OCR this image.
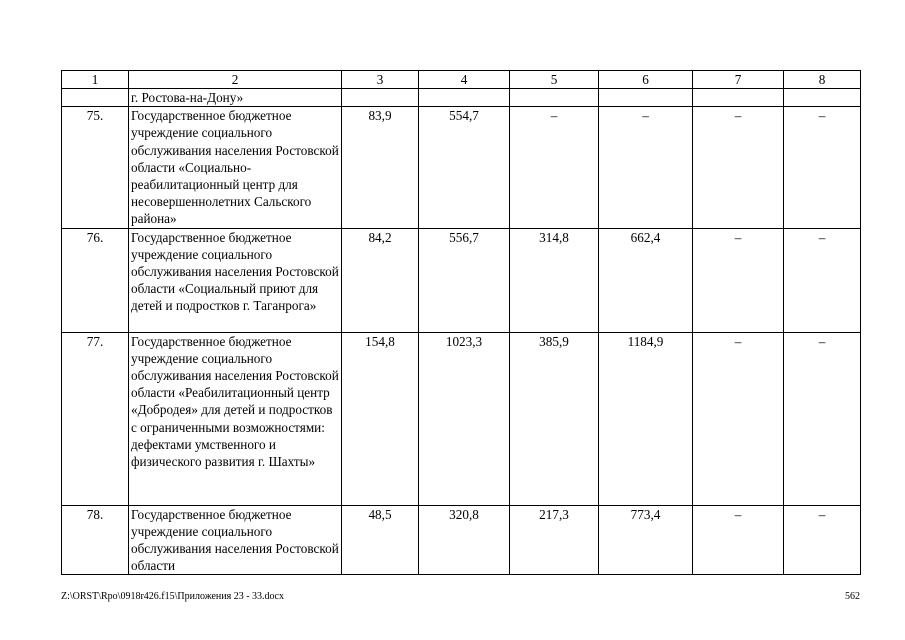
1	2	3	4	5	6	7	8
	г. Ростова-на-Дону»						
75.	Государственное бюджетное учреждение социального обслуживания населения Ростовской области «Социально-реабилитационный центр для несовершеннолетних Сальского района»	83,9	554,7	–	–	–	–
76.	Государственное бюджетное учреждение социального обслуживания населения Ростовской области «Социальный приют для детей и подростков г. Таганрога»	84,2	556,7	314,8	662,4	–	–
77.	Государственное бюджетное учреждение социального обслуживания населения Ростовской области «Реабилитационный центр «Добродея» для детей и подростков с ограниченными возможностями: дефектами умственного и физического развития г. Шахты»	154,8	1023,3	385,9	1184,9	–	–
78.	Государственное бюджетное учреждение социального обслуживания населения Ростовской области	48,5	320,8	217,3	773,4	–	–
Z:\ORST\Rpo\0918r426.f15\Приложения 23 - 33.docx	562
